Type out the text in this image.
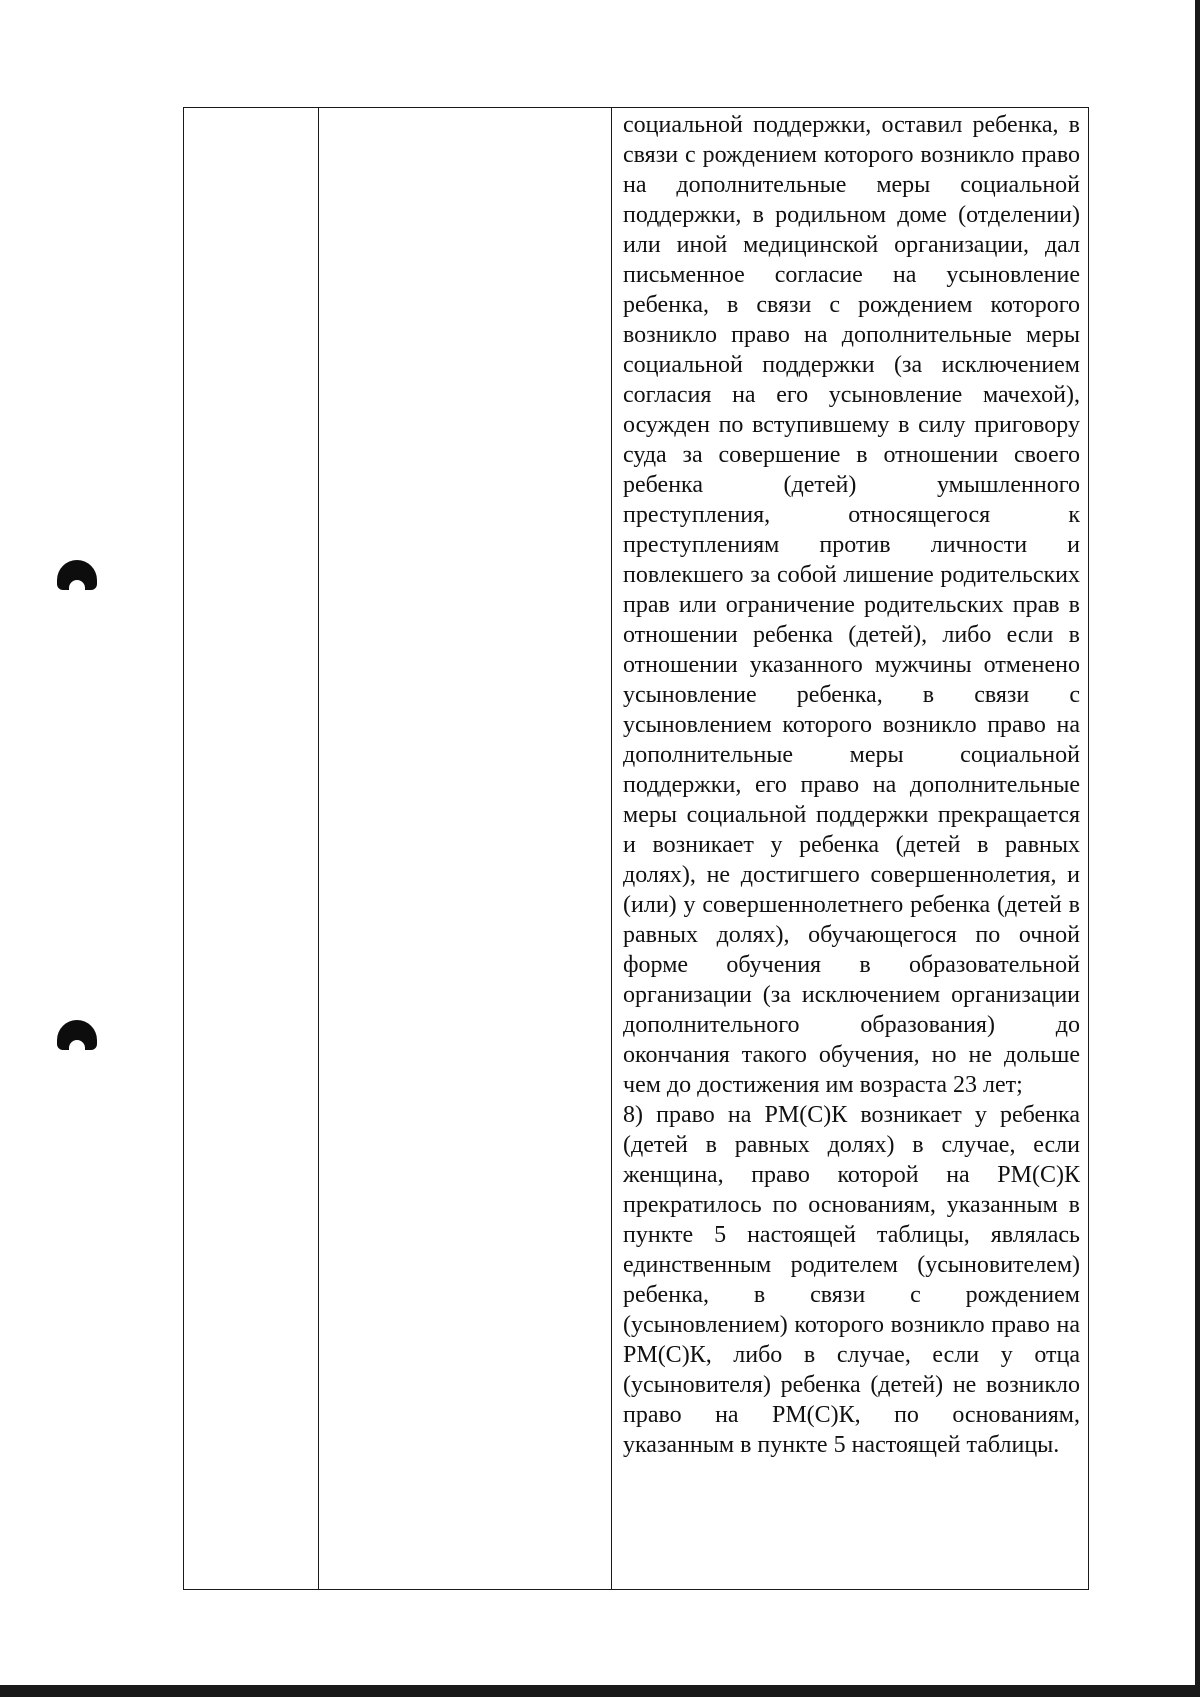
социальной поддержки, оставил ребенка, в связи с рождением которого возникло право на дополнительные меры социальной поддержки, в родильном доме (отделении) или иной медицинской организации, дал письменное согласие на усыновление ребенка, в связи с рождением которого возникло право на дополнительные меры социальной поддержки (за исключением согласия на его усыновление мачехой), осужден по вступившему в силу приговору суда за совершение в отношении своего ребенка (детей) умышленного преступления, относящегося к преступлениям против личности и повлекшего за собой лишение родительских прав или ограничение родительских прав в отношении ребенка (детей), либо если в отношении указанного мужчины отменено усыновление ребенка, в связи с усыновлением которого возникло право на дополнительные меры социальной поддержки, его право на дополнительные меры социальной поддержки прекращается и возникает у ребенка (детей в равных долях), не достигшего совершеннолетия, и (или) у совершеннолетнего ребенка (детей в равных долях), обучающегося по очной форме обучения в образовательной организации (за исключением организации дополнительного образования) до окончания такого обучения, но не дольше чем до достижения им возраста 23 лет;

8) право на РМ(С)К возникает у ребенка (детей в равных долях) в случае, если женщина, право которой на РМ(С)К прекратилось по основаниям, указанным в пункте 5 настоящей таблицы, являлась единственным родителем (усыновителем) ребенка, в связи с рождением (усыновлением) которого возникло право на РМ(С)К, либо в случае, если у отца (усыновителя) ребенка (детей) не возникло право на РМ(С)К, по основаниям, указанным в пункте 5 настоящей таблицы.
